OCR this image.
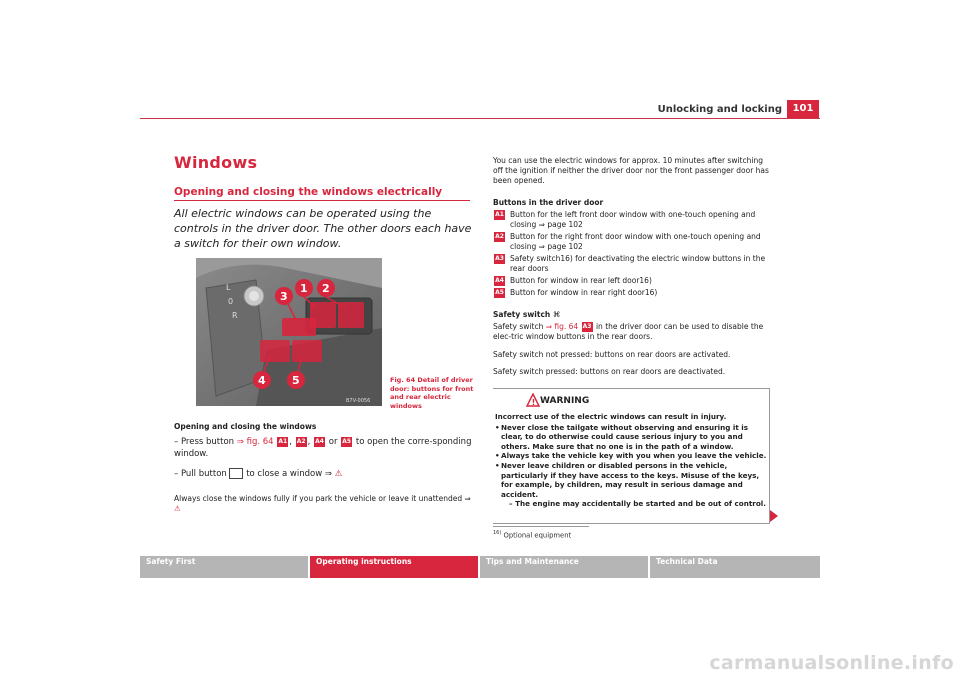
Unlocking and locking	101
Windows
Opening and closing the windows electrically
All electric windows can be operated using the controls in the driver door. The other doors each have a switch for their own window.
L
0
R
B7V-0056
1 2
3
4 5	Fig. 64 Detail of driver door: buttons for front and rear electric windows
Opening and closing the windows
– Press button ⇒ fig. 64 A1 , A2 , A4 or A5 to open the corre-sponding window.
– Pull button to close a window ⇒ ⚠
Always close the windows fully if you park the vehicle or leave it unattended ⇒ ⚠
You can use the electric windows for approx. 10 minutes after switching off the ignition if neither the driver door nor the front passenger door has been opened.
Buttons in the driver door
A1 Button for the left front door window with one-touch opening and closing ⇒ page 102
A2 Button for the right front door window with one-touch opening and closing ⇒ page 102
A3 Safety switch16) for deactivating the electric window buttons in the rear doors
A4 Button for window in rear left door16)
A5 Button for window in rear right door16)
Safety switch ⌘
Safety switch ⇒ fig. 64 A3 in the driver door can be used to disable the elec-tric window buttons in the rear doors.
Safety switch not pressed: buttons on rear doors are activated.
Safety switch pressed: buttons on rear doors are deactivated.
! WARNING
Incorrect use of the electric windows can result in injury.
• Never close the tailgate without observing and ensuring it is clear, to do otherwise could cause serious injury to you and others. Make sure that no one is in the path of a window.
• Always take the vehicle key with you when you leave the vehicle.
• Never leave children or disabled persons in the vehicle, particularly if they have access to the keys. Misuse of the keys, for example, by children, may result in serious damage and accident.
– The engine may accidentally be started and be out of control.
$^{16)}$ Optional equipment
Safety First	Operating instructions	Tips and Maintenance	Technical Data
carmanualsonline.info
